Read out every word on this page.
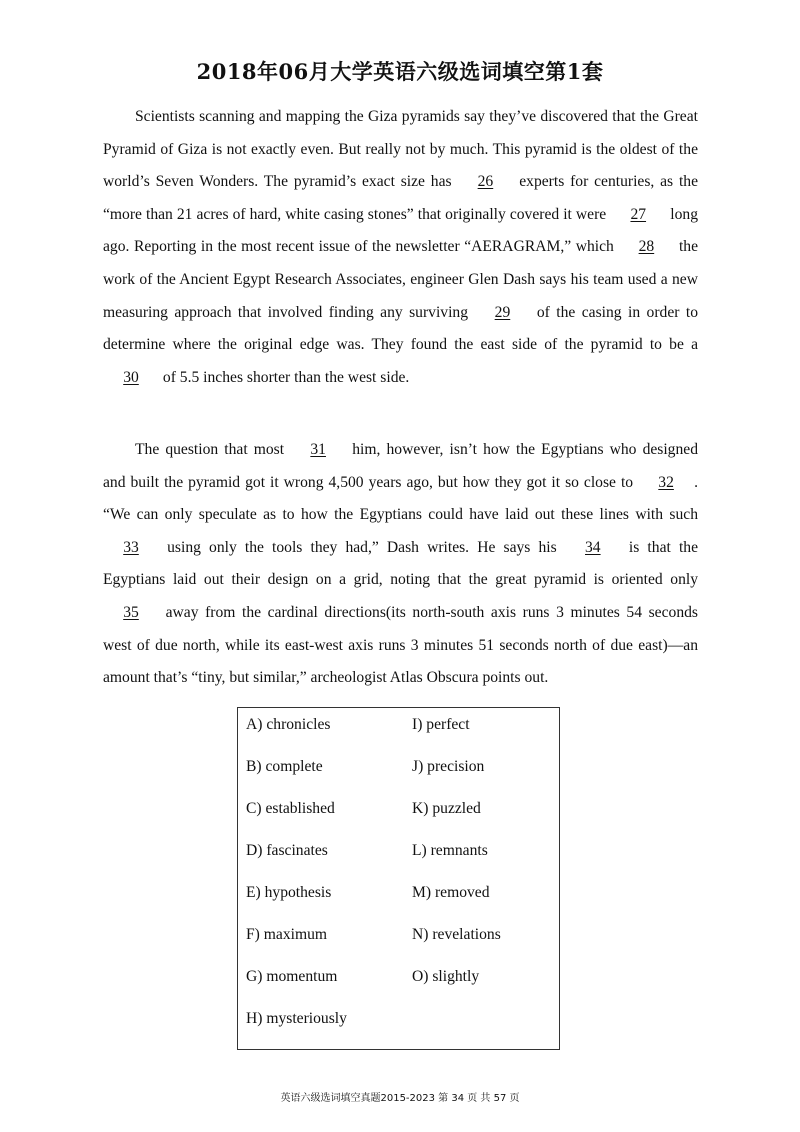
2018年06月大学英语六级选词填空第1套

Scientists scanning and mapping the Giza pyramids say they’ve discovered that the Great Pyramid of Giza is not exactly even. But really not by much. This pyramid is the oldest of the world’s Seven Wonders. The pyramid’s exact size has 26 experts for centuries, as the “more than 21 acres of hard, white casing stones” that originally covered it were 27 long ago. Reporting in the most recent issue of the newsletter “AERAGRAM,” which 28 the work of the Ancient Egypt Research Associates, engineer Glen Dash says his team used a new measuring approach that involved finding any surviving 29 of the casing in order to determine where the original edge was. They found the east side of the pyramid to be a 30 of 5.5 inches shorter than the west side.

The question that most 31 him, however, isn’t how the Egyptians who designed and built the pyramid got it wrong 4,500 years ago, but how they got it so close to 32 . “We can only speculate as to how the Egyptians could have laid out these lines with such 33 using only the tools they had,” Dash writes. He says his 34 is that the Egyptians laid out their design on a grid, noting that the great pyramid is oriented only 35 away from the cardinal directions(its north-south axis runs 3 minutes 54 seconds west of due north, while its east-west axis runs 3 minutes 51 seconds north of due east)—an amount that’s “tiny, but similar,” archeologist Atlas Obscura points out.

A) chronicles
B) complete
C) established
D) fascinates
E) hypothesis
F) maximum
G) momentum
H) mysteriously
I) perfect
J) precision
K) puzzled
L) remnants
M) removed
N) revelations
O) slightly
英语六级选词填空真题2015-2023 第 34 页 共 57 页
